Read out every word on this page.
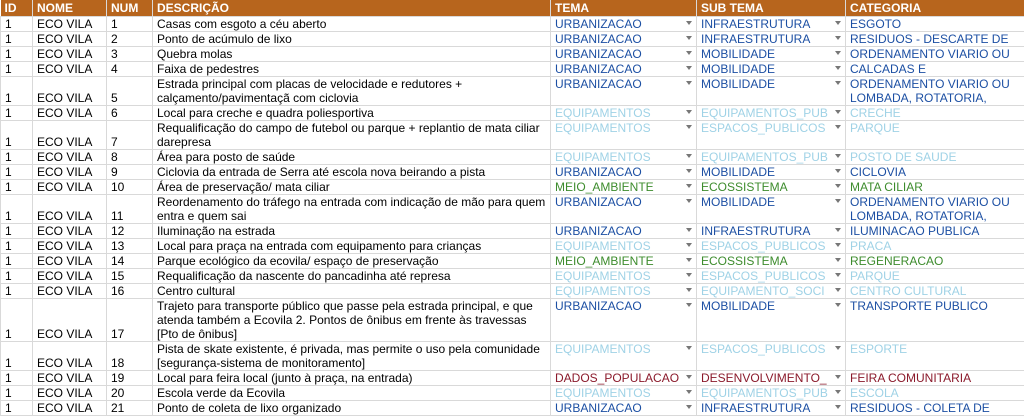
ID	NOME	NUM	DESCRIÇÃO	TEMA	SUB TEMA	CATEGORIA
1	ECO VILA	1	Casas com esgoto a céu aberto	URBANIZACAO	INFRAESTRUTURA	ESGOTO
1	ECO VILA	2	Ponto de acúmulo de lixo	URBANIZACAO	INFRAESTRUTURA	RESIDUOS - DESCARTE DE
1	ECO VILA	3	Quebra molas	URBANIZACAO	MOBILIDADE	ORDENAMENTO VIARIO OU
1	ECO VILA	4	Faixa de pedestres	URBANIZACAO	MOBILIDADE	CALCADAS E
1	ECO VILA	5	Estrada principal com placas de velocidade e redutores + calçamento/pavimentaçã com ciclovia	URBANIZACAO	MOBILIDADE	ORDENAMENTO VIARIO OU LOMBADA, ROTATORIA,
1	ECO VILA	6	Local para creche e quadra poliesportiva	EQUIPAMENTOS	EQUIPAMENTOS_PUB	CRECHE
1	ECO VILA	7	Requalificação do campo de futebol ou parque + replantio de mata ciliar darepresa	EQUIPAMENTOS	ESPACOS_PUBLICOS	PARQUE
1	ECO VILA	8	Área para posto de saúde	EQUIPAMENTOS	EQUIPAMENTOS_PUB	POSTO DE SAUDE
1	ECO VILA	9	Ciclovia da entrada de Serra até escola nova beirando a pista	URBANIZACAO	MOBILIDADE	CICLOVIA
1	ECO VILA	10	Área de preservação/ mata ciliar	MEIO_AMBIENTE	ECOSSISTEMA	MATA CILIAR
1	ECO VILA	11	Reordenamento do tráfego na entrada com indicação de mão para quem entra e quem sai	URBANIZACAO	MOBILIDADE	ORDENAMENTO VIARIO OU LOMBADA, ROTATORIA,
1	ECO VILA	12	Iluminação na estrada	URBANIZACAO	INFRAESTRUTURA	ILUMINACAO PUBLICA
1	ECO VILA	13	Local para praça na entrada com equipamento para crianças	EQUIPAMENTOS	ESPACOS_PUBLICOS	PRACA
1	ECO VILA	14	Parque ecológico da ecovila/ espaço de preservação	MEIO_AMBIENTE	ECOSSISTEMA	REGENERACAO
1	ECO VILA	15	Requalificação da nascente do pancadinha até represa	EQUIPAMENTOS	ESPACOS_PUBLICOS	PARQUE
1	ECO VILA	16	Centro cultural	EQUIPAMENTOS	EQUIPAMENTO_SOCI	CENTRO CULTURAL
1	ECO VILA	17	Trajeto para transporte público que passe pela estrada principal, e que atenda também a Ecovila 2. Pontos de ônibus em frente às travessas [Pto de ônibus]	URBANIZACAO	MOBILIDADE	TRANSPORTE PUBLICO
1	ECO VILA	18	Pista de skate existente, é privada, mas permite o uso pela comunidade [segurança-sistema de monitoramento]	EQUIPAMENTOS	ESPACOS_PUBLICOS	ESPORTE
1	ECO VILA	19	Local para feira local (junto à praça, na entrada)	DADOS_POPULACAO	DESENVOLVIMENTO_	FEIRA COMUNITARIA
1	ECO VILA	20	Escola verde da Ecovila	EQUIPAMENTOS	EQUIPAMENTOS_PUB	ESCOLA
1	ECO VILA	21	Ponto de coleta de lixo organizado	URBANIZACAO	INFRAESTRUTURA	RESIDUOS - COLETA DE
